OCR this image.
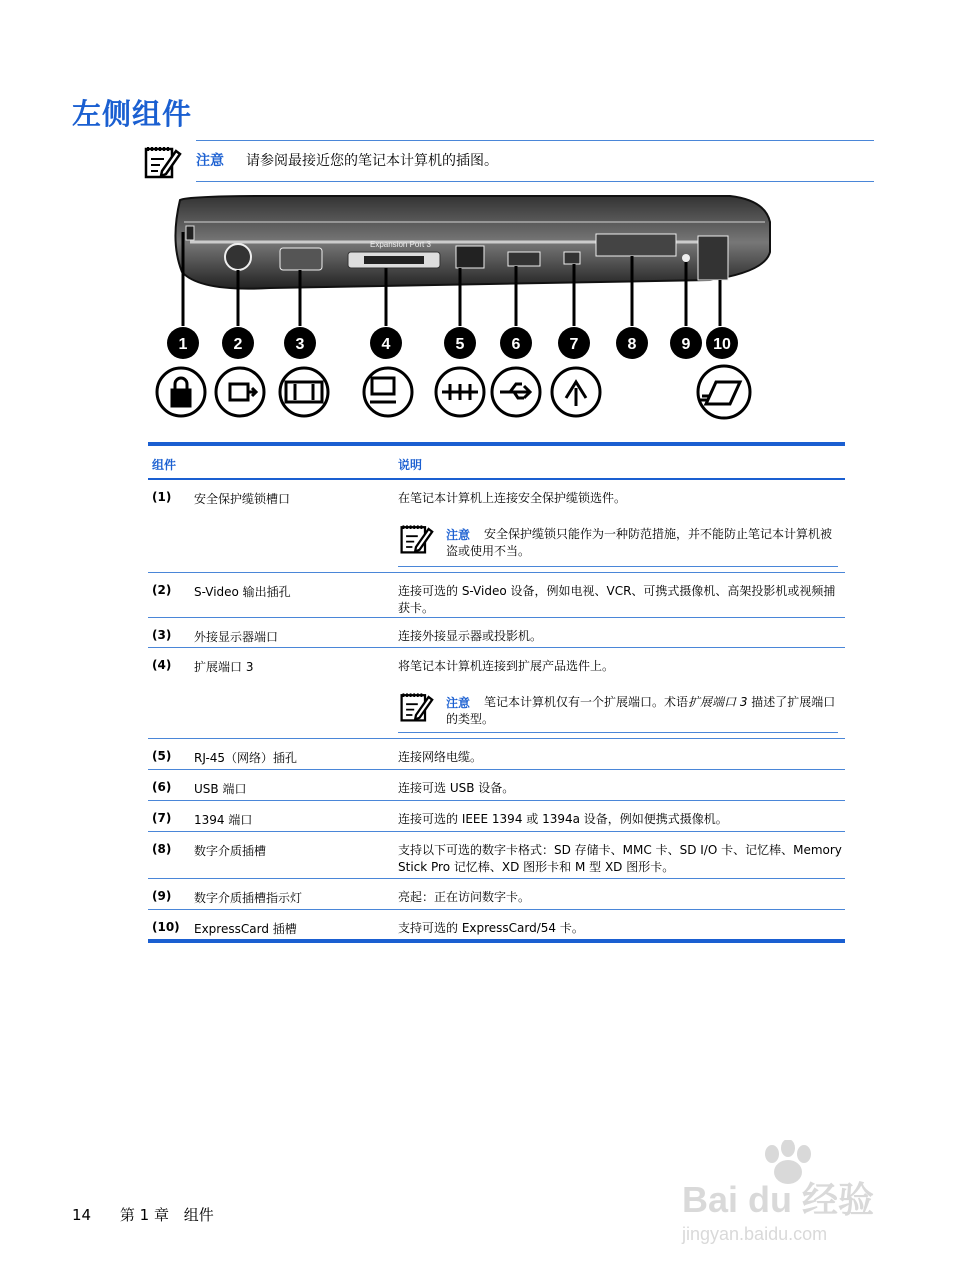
左侧组件
注意 请参阅最接近您的笔记本计算机的插图。
Expansion Port 3
1	2	3	4	5	6	7	8	9 10
组件	说明
(1) 安全保护缆锁槽口	在笔记本计算机上连接安全保护缆锁选件。
注意	安全保护缆锁只能作为一种防范措施，并不能防止笔记本计算机被盗或使用不当。
(2) S-Video 输出插孔	连接可选的 S-Video 设备，例如电视、VCR、可携式摄像机、高架投影机或视频捕获卡。
(3) 外接显示器端口	连接外接显示器或投影机。
(4) 扩展端口 3	将笔记本计算机连接到扩展产品选件上。
注意	笔记本计算机仅有一个扩展端口。术语扩展端口 3 描述了扩展端口的类型。
(5) RJ-45（网络）插孔	连接网络电缆。
(6) USB 端口	连接可选 USB 设备。
(7) 1394 端口	连接可选的 IEEE 1394 或 1394a 设备，例如便携式摄像机。
(8) 数字介质插槽	支持以下可选的数字卡格式：SD 存储卡、MMC 卡、SD I/O 卡、记忆棒、Memory Stick Pro 记忆棒、XD 图形卡和 M 型 XD 图形卡。
(9) 数字介质插槽指示灯	亮起：正在访问数字卡。
(10) ExpressCard 插槽	支持可选的 ExpressCard/54 卡。
14 第 1 章 组件	Bai du 经验
jingyan.baidu.com
